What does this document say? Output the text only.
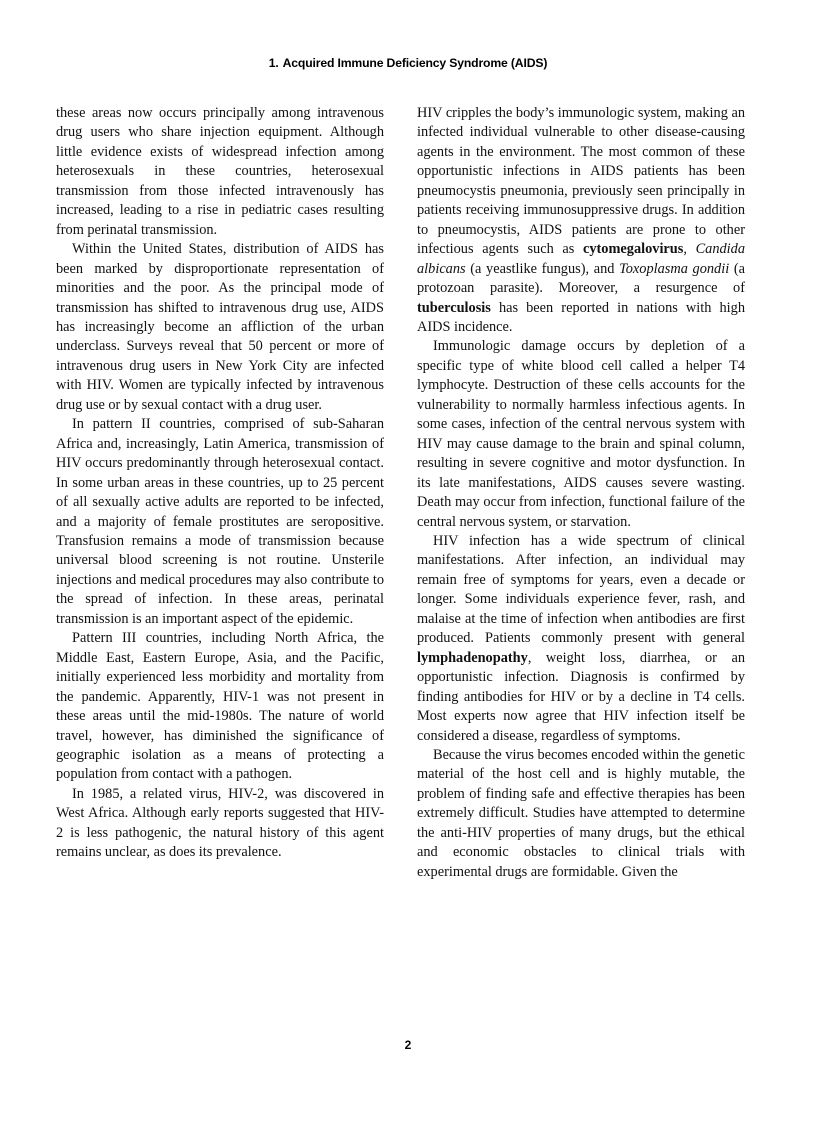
1. Acquired Immune Deficiency Syndrome (AIDS)

these areas now occurs principally among intravenous drug users who share injection equipment. Although little evidence exists of widespread infection among heterosexuals in these countries, heterosexual transmission from those infected intravenously has increased, leading to a rise in pediatric cases resulting from perinatal transmission.

Within the United States, distribution of AIDS has been marked by disproportionate representation of minorities and the poor. As the principal mode of transmission has shifted to intravenous drug use, AIDS has increasingly become an affliction of the urban underclass. Surveys reveal that 50 percent or more of intravenous drug users in New York City are infected with HIV. Women are typically infected by intravenous drug use or by sexual contact with a drug user.

In pattern II countries, comprised of sub-Saharan Africa and, increasingly, Latin America, transmission of HIV occurs predominantly through heterosexual contact. In some urban areas in these countries, up to 25 percent of all sexually active adults are reported to be infected, and a majority of female prostitutes are seropositive. Transfusion remains a mode of transmission because universal blood screening is not routine. Unsterile injections and medical procedures may also contribute to the spread of infection. In these areas, perinatal transmission is an important aspect of the epidemic.

Pattern III countries, including North Africa, the Middle East, Eastern Europe, Asia, and the Pacific, initially experienced less morbidity and mortality from the pandemic. Apparently, HIV-1 was not present in these areas until the mid-1980s. The nature of world travel, however, has diminished the significance of geographic isolation as a means of protecting a population from contact with a pathogen.

In 1985, a related virus, HIV-2, was discovered in West Africa. Although early reports suggested that HIV-2 is less pathogenic, the natural history of this agent remains unclear, as does its prevalence.

HIV cripples the body’s immunologic system, making an infected individual vulnerable to other disease-causing agents in the environment. The most common of these opportunistic infections in AIDS patients has been pneumocystis pneumonia, previously seen principally in patients receiving immunosuppressive drugs. In addition to pneumocystis, AIDS patients are prone to other infectious agents such as cytomegalovirus, Candida albicans (a yeastlike fungus), and Toxoplasma gondii (a protozoan parasite). Moreover, a resurgence of tuberculosis has been reported in nations with high AIDS incidence.

Immunologic damage occurs by depletion of a specific type of white blood cell called a helper T4 lymphocyte. Destruction of these cells accounts for the vulnerability to normally harmless infectious agents. In some cases, infection of the central nervous system with HIV may cause damage to the brain and spinal column, resulting in severe cognitive and motor dysfunction. In its late manifestations, AIDS causes severe wasting. Death may occur from infection, functional failure of the central nervous system, or starvation.

HIV infection has a wide spectrum of clinical manifestations. After infection, an individual may remain free of symptoms for years, even a decade or longer. Some individuals experience fever, rash, and malaise at the time of infection when antibodies are first produced. Patients commonly present with general lymphadenopathy, weight loss, diarrhea, or an opportunistic infection. Diagnosis is confirmed by finding antibodies for HIV or by a decline in T4 cells. Most experts now agree that HIV infection itself be considered a disease, regardless of symptoms.

Because the virus becomes encoded within the genetic material of the host cell and is highly mutable, the problem of finding safe and effective therapies has been extremely difficult. Studies have attempted to determine the anti-HIV properties of many drugs, but the ethical and economic obstacles to clinical trials with experimental drugs are formidable. Given the

2
